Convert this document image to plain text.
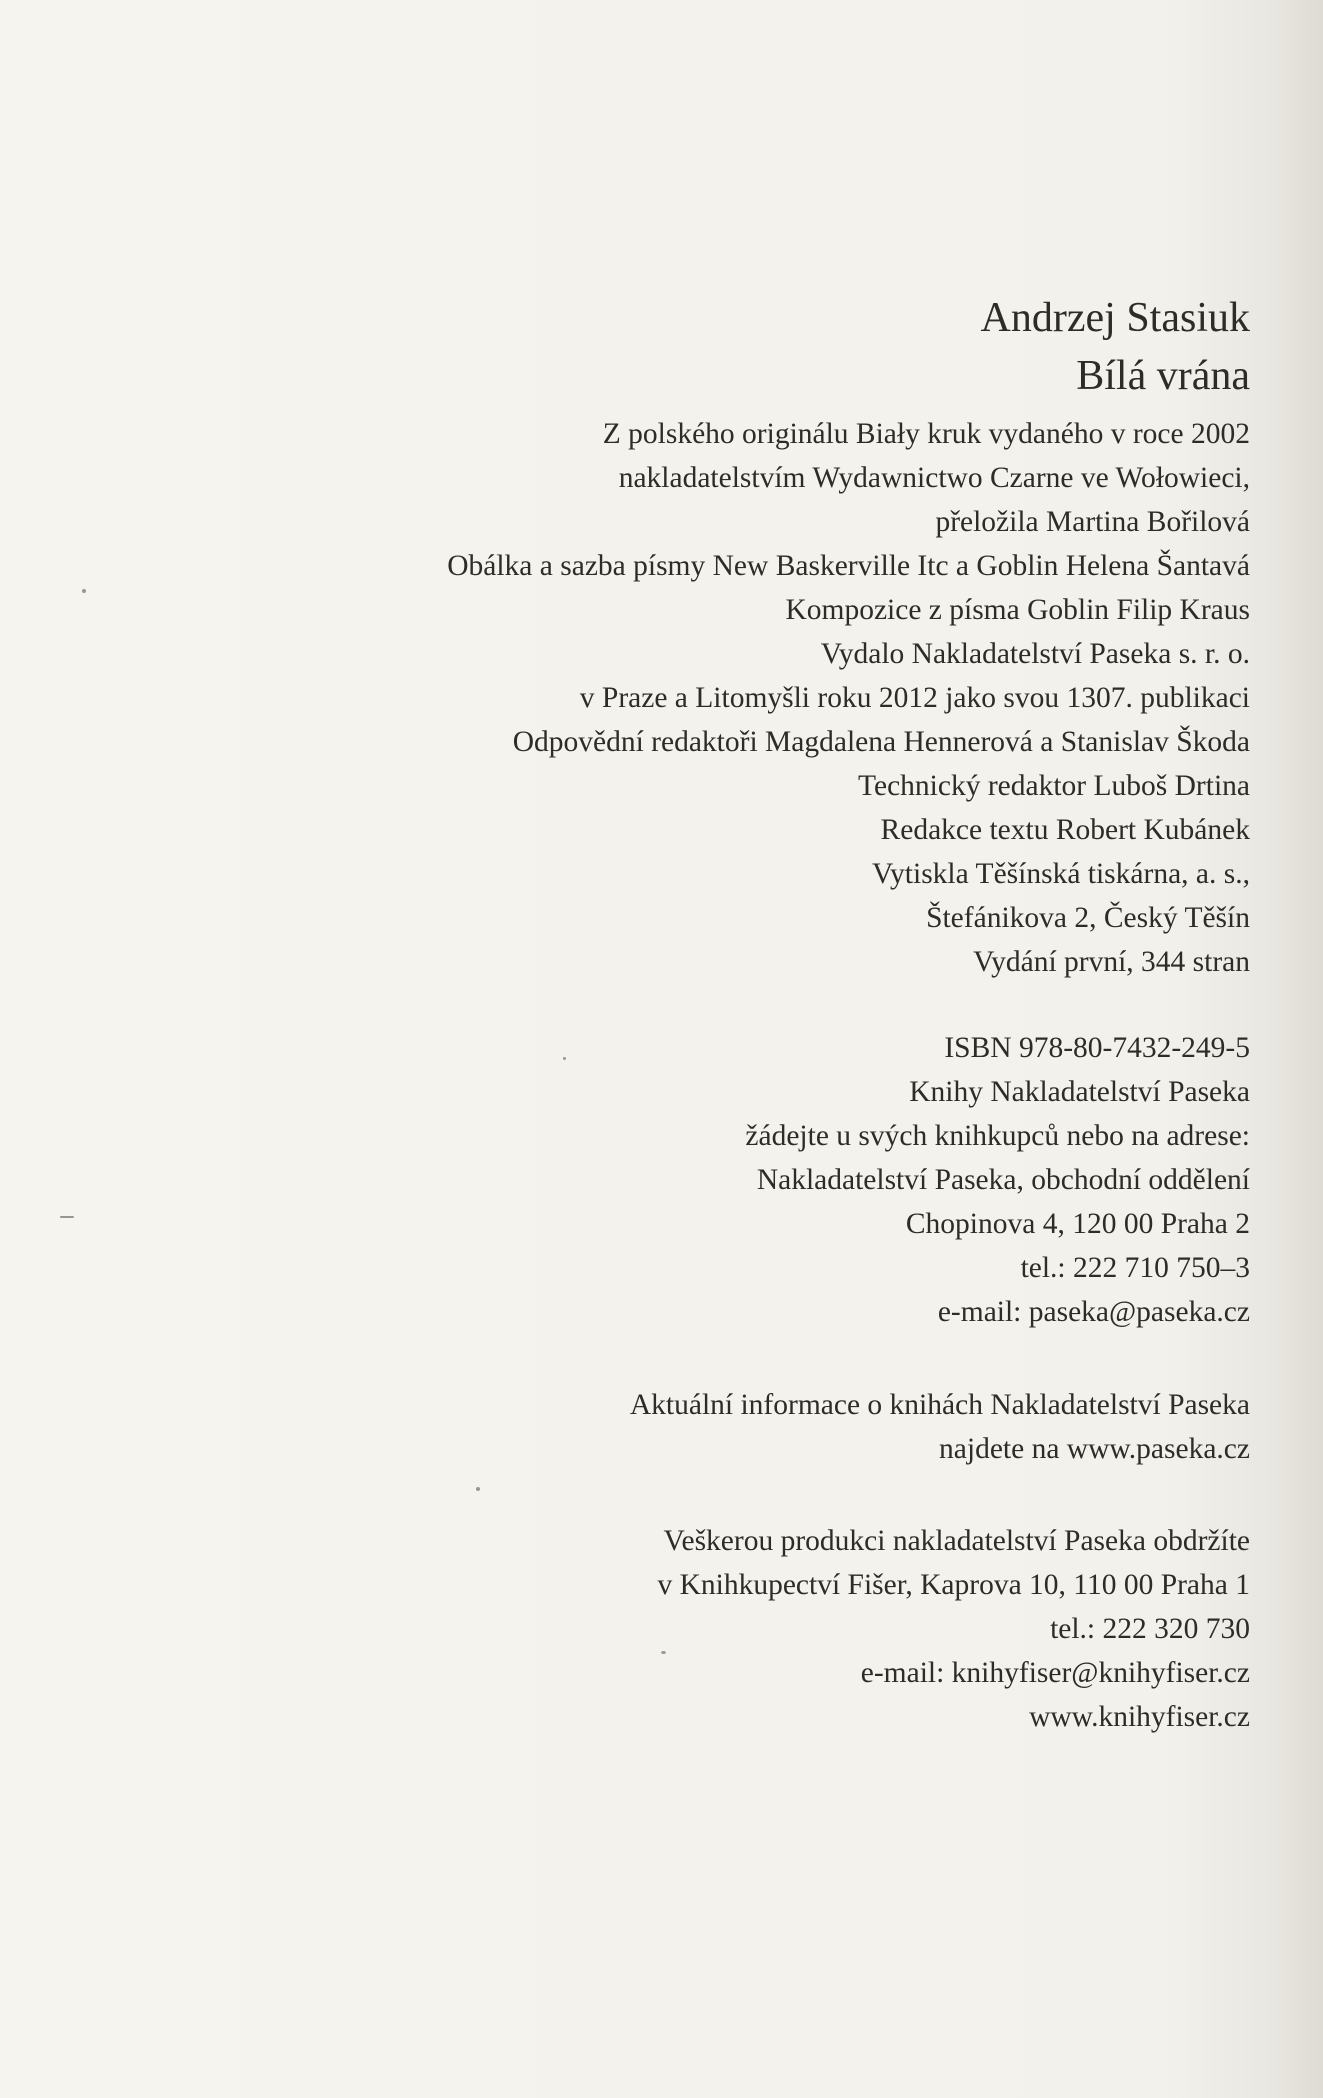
Andrzej Stasiuk

Bílá vrána

Z polského originálu Biały kruk vydaného v roce 2002

nakladatelstvím Wydawnictwo Czarne ve Wołowieci,

přeložila Martina Bořilová

Obálka a sazba písmy New Baskerville Itc a Goblin Helena Šantavá

Kompozice z písma Goblin Filip Kraus

Vydalo Nakladatelství Paseka s. r. o.

v Praze a Litomyšli roku 2012 jako svou 1307. publikaci

Odpovědní redaktoři Magdalena Hennerová a Stanislav Škoda

Technický redaktor Luboš Drtina

Redakce textu Robert Kubánek

Vytiskla Těšínská tiskárna, a. s.,

Štefánikova 2, Český Těšín

Vydání první, 344 stran

ISBN 978-80-7432-249-5

Knihy Nakladatelství Paseka

žádejte u svých knihkupců nebo na adrese:

Nakladatelství Paseka, obchodní oddělení

Chopinova 4, 120 00 Praha 2

tel.: 222 710 750–3

e-mail: paseka@paseka.cz

Aktuální informace o knihách Nakladatelství Paseka

najdete na www.paseka.cz

Veškerou produkci nakladatelství Paseka obdržíte

v Knihkupectví Fišer, Kaprova 10, 110 00 Praha 1

tel.: 222 320 730

e-mail: knihyfiser@knihyfiser.cz

www.knihyfiser.cz
